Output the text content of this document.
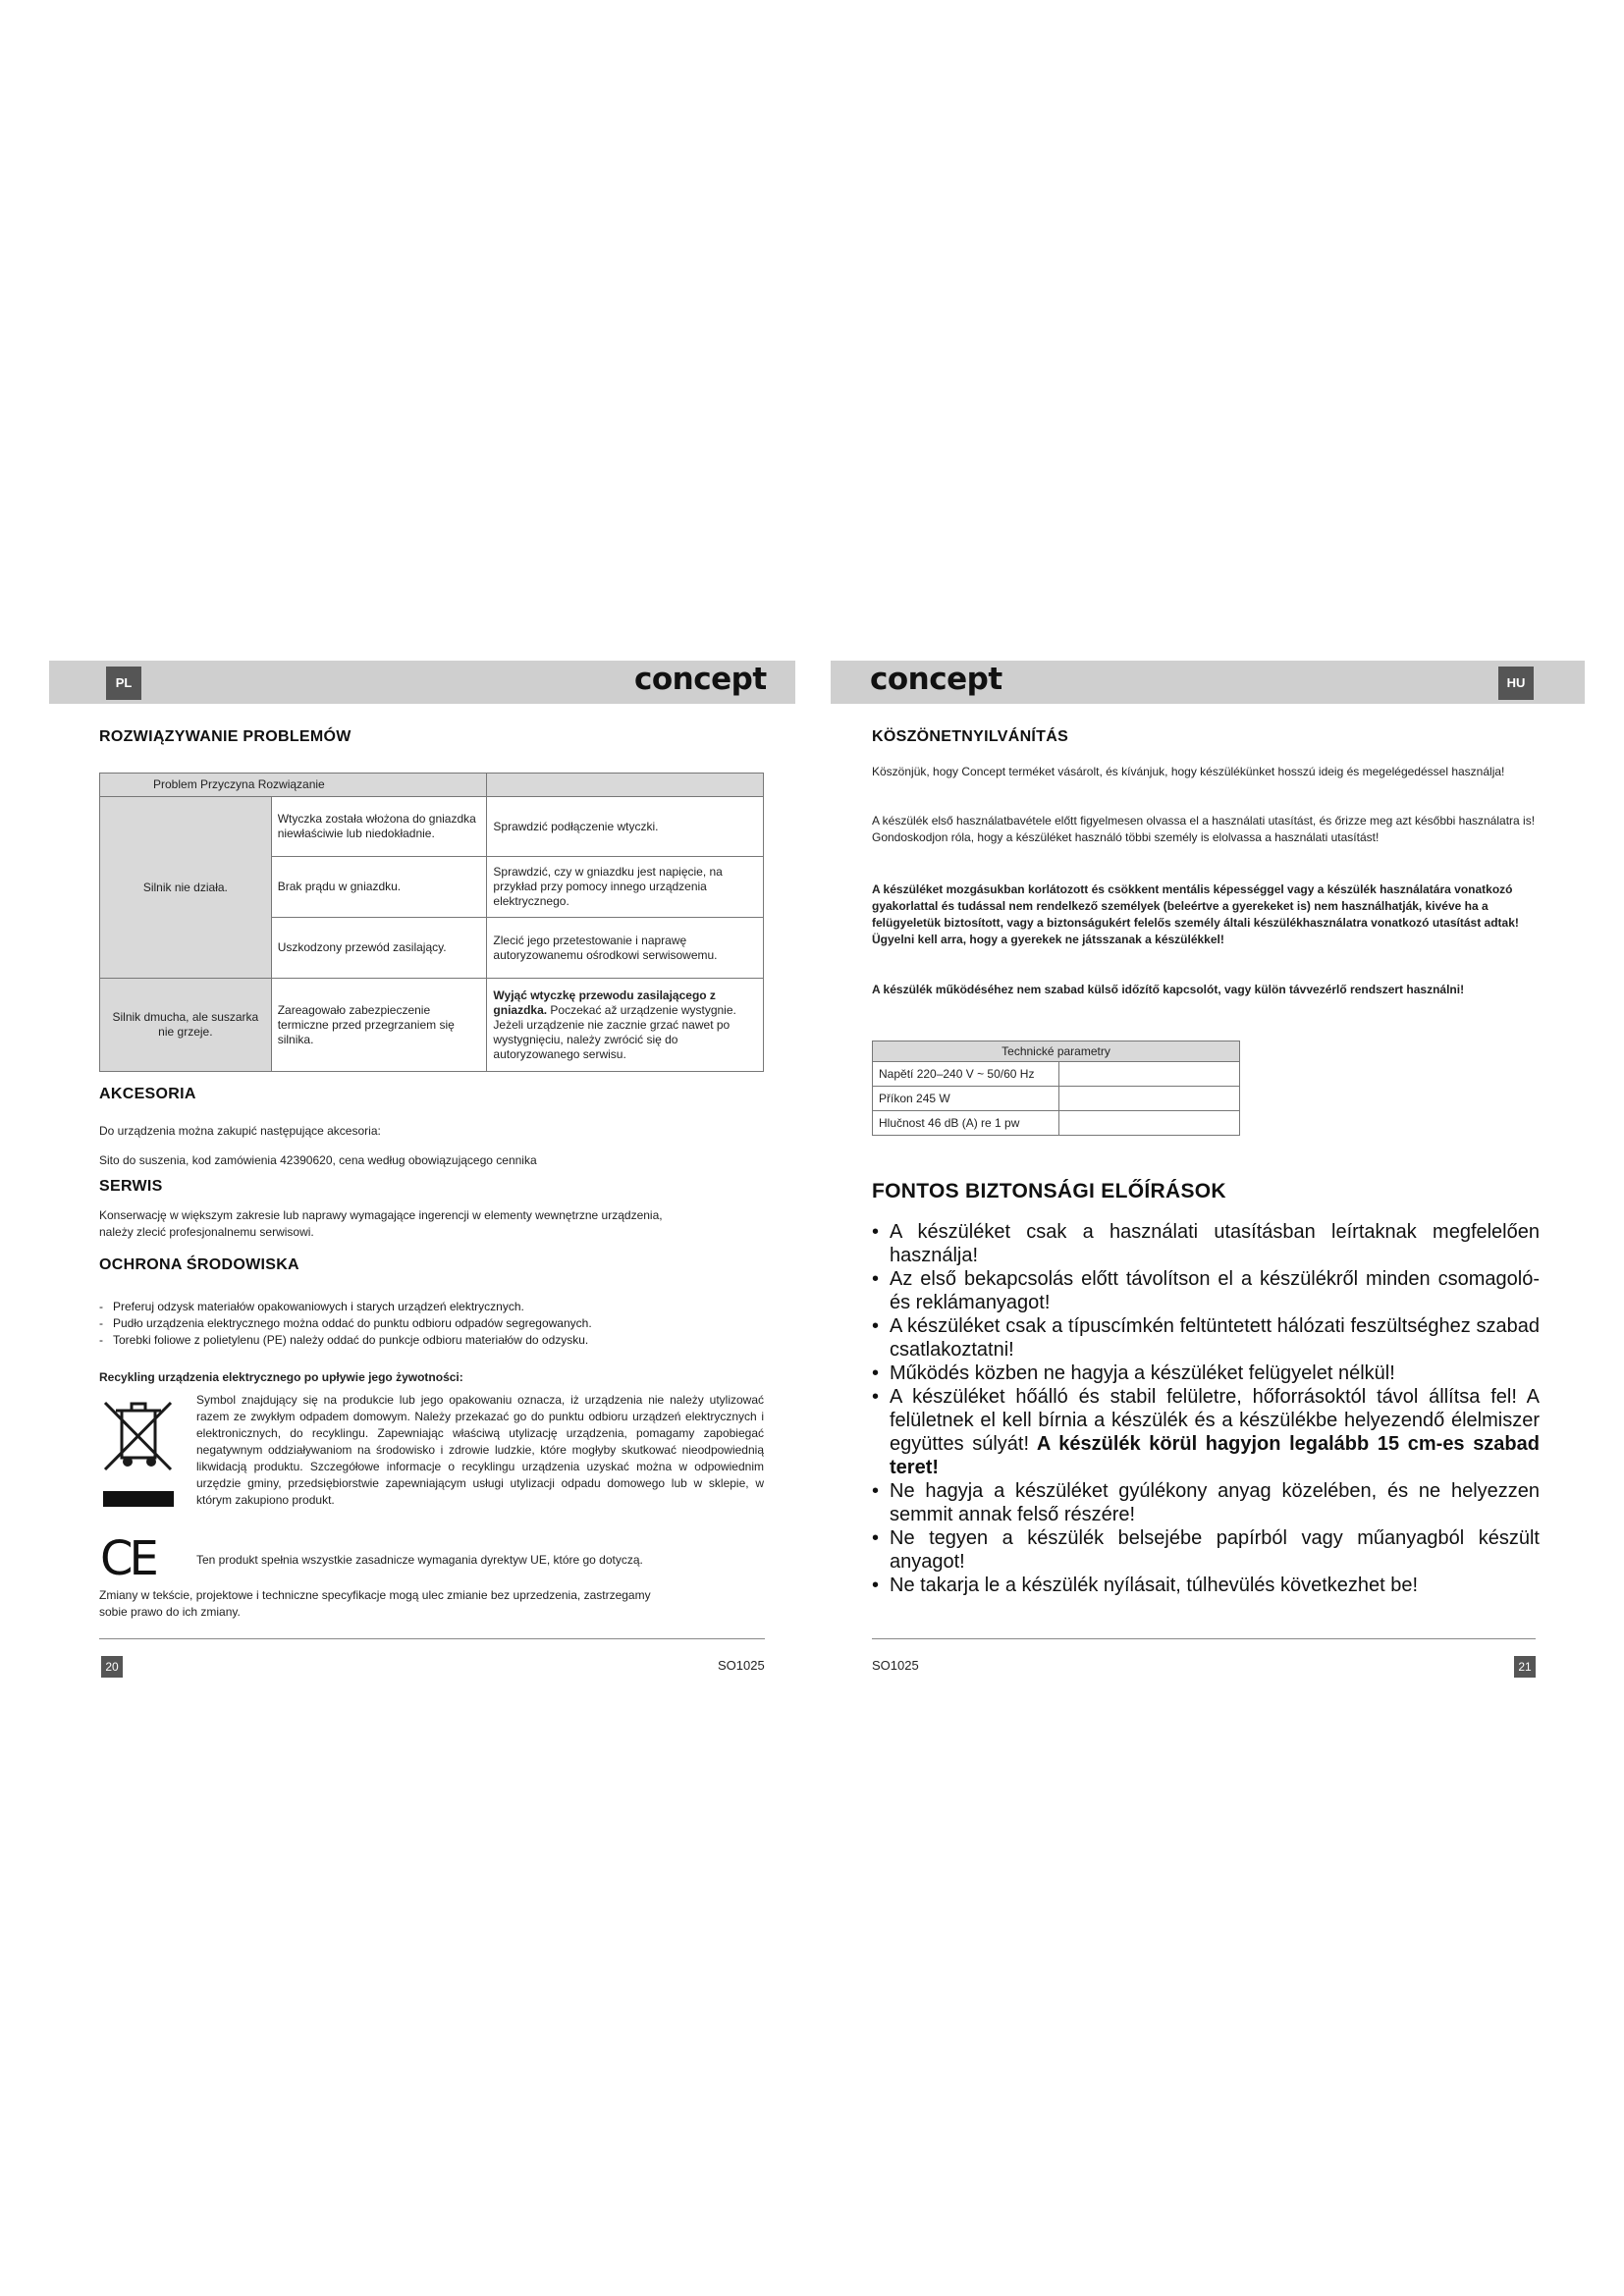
PL	HU
concept	concept
ROZWIĄZYWANIE PROBLEMÓW
Problem Przyczyna Rozwiązanie		
Silnik nie działa.	Wtyczka została włożona do gniazdka niewłaściwie lub niedokładnie.	Sprawdzić podłączenie wtyczki.
	Brak prądu w gniazdku.	Sprawdzić, czy w gniazdku jest napięcie, na przykład przy pomocy innego urządzenia elektrycznego.
	Uszkodzony przewód zasilający.	Zlecić jego przetestowanie i naprawę autoryzowanemu ośrodkowi serwisowemu.
Silnik dmucha, ale suszarka nie grzeje.	Zareagowało zabezpieczenie termiczne przed przegrzaniem się silnika.	Wyjąć wtyczkę przewodu zasilającego z gniazdka. Poczekać až urządzenie wystygnie. Jeżeli urządzenie nie zacznie grzać nawet po wystygnięciu, należy zwrócić się do autoryzowanego serwisu.
AKCESORIA
Do urządzenia można zakupić następujące akcesoria:
Sito do suszenia, kod zamówienia 42390620, cena według obowiązującego cennika
SERWIS

Konserwację w większym zakresie lub naprawy wymagające ingerencji w elementy wewnętrzne urządzenia,

należy zlecić profesjonalnemu serwisowi.

OCHRONA ŚRODOWISKA
- Preferuj odzysk materiałów opakowaniowych i starych urządzeń elektrycznych.
- Pudło urządzenia elektrycznego można oddać do punktu odbioru odpadów segregowanych.
- Torebki foliowe z polietylenu (PE) należy oddać do punkcje odbioru materiałów do odzysku.
Recykling urządzenia elektrycznego po upływie jego żywotności:
Symbol znajdujący się na produkcie lub jego opakowaniu oznacza, iż urządzenia nie należy utylizować razem ze zwykłym odpadem domowym. Należy przekazać go do punktu odbioru urządzeń elektrycznych i elektronicznych, do recyklingu. Zapewniając właściwą utylizację urządzenia, pomagamy zapobiegać negatywnym oddziaływaniom na środowisko i zdrowie ludzkie, które mogłyby skutkować nieodpowiednią likwidacją produktu. Szczegółowe informacje o recyklingu urządzenia uzyskać można w odpowiednim urzędzie gminy, przedsiębiorstwie zapewniającym usługi utylizacji odpadu domowego lub w sklepie, w którym zakupiono produkt.
CE	Ten produkt spełnia wszystkie zasadnicze wymagania dyrektyw UE, które go dotyczą.

Zmiany w tekście, projektowe i techniczne specyfikacje mogą ulec zmianie bez uprzedzenia, zastrzegamy

sobie prawo do ich zmiany.

20	SO1025
KÖSZÖNETNYILVÁNÍTÁS
Köszönjük, hogy Concept terméket vásárolt, és kívánjuk, hogy készülékünket hosszú ideig és megelégedéssel használja!
A készülék első használatbavétele előtt figyelmesen olvassa el a használati utasítást, és őrizze meg azt későbbi használatra is! Gondoskodjon róla, hogy a készüléket használó többi személy is elolvassa a használati utasítást!
A készüléket mozgásukban korlátozott és csökkent mentális képességgel vagy a készülék használatára vonatkozó gyakorlattal és tudással nem rendelkező személyek (beleértve a gyerekeket is) nem használhatják, kivéve ha a felügyeletük biztosított, vagy a biztonságukért felelős személy általi készülékhasználatra vonatkozó utasítást adtak! Ügyelni kell arra, hogy a gyerekek ne játsszanak a készülékkel!
A készülék működéséhez nem szabad külső időzítő kapcsolót, vagy külön távvezérlő rendszert használni!
Technické parametry	
Napětí 220–240 V ~ 50/60 Hz	
Příkon 245 W	
Hlučnost 46 dB (A) re 1 pw	
FONTOS BIZTONSÁGI ELŐÍRÁSOK
• A készüléket csak a használati utasításban leírtaknak megfelelően használja!
• Az első bekapcsolás előtt távolítson el a készülékről minden csomagoló- és reklámanyagot!
• A készüléket csak a típuscímkén feltüntetett hálózati feszültséghez szabad csatlakoztatni!
• Működés közben ne hagyja a készüléket felügyelet nélkül!
• A készüléket hőálló és stabil felületre, hőforrásoktól távol állítsa fel! A felületnek el kell bírnia a készülék és a készülékbe helyezendő élelmiszer együttes súlyát! A készülék körül hagyjon legalább 15 cm-es szabad teret!
• Ne hagyja a készüléket gyúlékony anyag közelében, és ne helyezzen semmit annak felső részére!
• Ne tegyen a készülék belsejébe papírból vagy műanyagból készült anyagot!
• Ne takarja le a készülék nyílásait, túlhevülés következhet be!
SO1025	21
